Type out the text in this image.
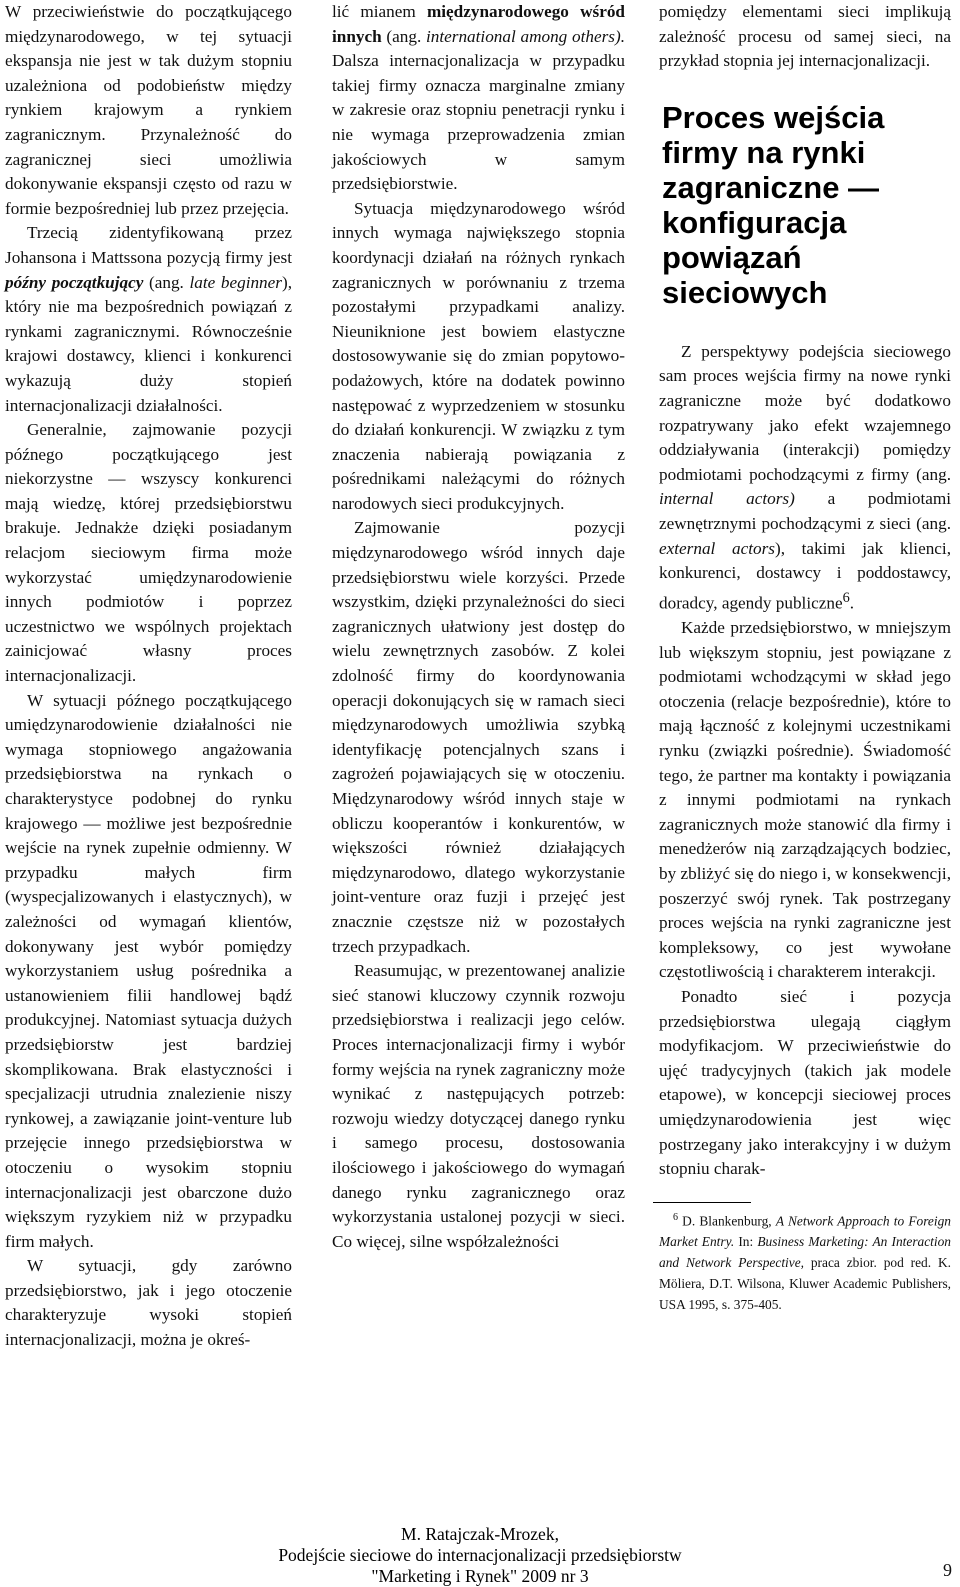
W przeciwieństwie do początkującego międzynarodowego, w tej sytuacji ekspansja nie jest w tak dużym stopniu uzależniona od podobieństw między rynkiem krajowym a rynkiem zagranicznym. Przynależność do zagranicznej sieci umożliwia dokonywanie ekspansji często od razu w formie bezpośredniej lub przez przejęcia.

Trzecią zidentyfikowaną przez Johansona i Mattssona pozycją firmy jest późny początkujący (ang. late beginner), który nie ma bezpośrednich powiązań z rynkami zagranicznymi. Równocześnie krajowi dostawcy, klienci i konkurenci wykazują duży stopień internacjonalizacji działalności.

Generalnie, zajmowanie pozycji późnego początkującego jest niekorzystne — wszyscy konkurenci mają wiedzę, której przedsiębiorstwu brakuje. Jednakże dzięki posiadanym relacjom sieciowym firma może wykorzystać umiędzynarodowienie innych podmiotów i poprzez uczestnictwo we wspólnych projektach zainicjować własny proces internacjonalizacji.

W sytuacji późnego początkującego umiędzynarodowienie działalności nie wymaga stopniowego angażowania przedsiębiorstwa na rynkach o charakterystyce podobnej do rynku krajowego — możliwe jest bezpośrednie wejście na rynek zupełnie odmienny. W przypadku małych firm (wyspecjalizowanych i elastycznych), w zależności od wymagań klientów, dokonywany jest wybór pomiędzy wykorzystaniem usług pośrednika a ustanowieniem filii handlowej bądź produkcyjnej. Natomiast sytuacja dużych przedsiębiorstw jest bardziej skomplikowana. Brak elastyczności i specjalizacji utrudnia znalezienie niszy rynkowej, a zawiązanie joint-venture lub przejęcie innego przedsiębiorstwa w otoczeniu o wysokim stopniu internacjonalizacji jest obarczone dużo większym ryzykiem niż w przypadku firm małych.

W sytuacji, gdy zarówno przedsiębiorstwo, jak i jego otoczenie charakteryzuje wysoki stopień internacjonalizacji, można je okreś-

lić mianem międzynarodowego wśród innych (ang. international among others). Dalsza internacjonalizacja w przypadku takiej firmy oznacza marginalne zmiany w zakresie oraz stopniu penetracji rynku i nie wymaga przeprowadzenia zmian jakościowych w samym przedsiębiorstwie.

Sytuacja międzynarodowego wśród innych wymaga największego stopnia koordynacji działań na różnych rynkach zagranicznych w porównaniu z trzema pozostałymi przypadkami analizy. Nieuniknione jest bowiem elastyczne dostosowywanie się do zmian popytowo-podażowych, które na dodatek powinno następować z wyprzedzeniem w stosunku do działań konkurencji. W związku z tym znaczenia nabierają powiązania z pośrednikami należącymi do różnych narodowych sieci produkcyjnych.

Zajmowanie pozycji międzynarodowego wśród innych daje przedsiębiorstwu wiele korzyści. Przede wszystkim, dzięki przynależności do sieci zagranicznych ułatwiony jest dostęp do wielu zewnętrznych zasobów. Z kolei zdolność firmy do koordynowania operacji dokonujących się w ramach sieci międzynarodowych umożliwia szybką identyfikację potencjalnych szans i zagrożeń pojawiających się w otoczeniu. Międzynarodowy wśród innych staje w obliczu kooperantów i konkurentów, w większości również działających międzynarodowo, dlatego wykorzystanie joint-venture oraz fuzji i przejęć jest znacznie częstsze niż w pozostałych trzech przypadkach.

Reasumując, w prezentowanej analizie sieć stanowi kluczowy czynnik rozwoju przedsiębiorstwa i realizacji jego celów. Proces internacjonalizacji firmy i wybór formy wejścia na rynek zagraniczny może wynikać z następujących potrzeb: rozwoju wiedzy dotyczącej danego rynku i samego procesu, dostosowania ilościowego i jakościowego do wymagań danego rynku zagranicznego oraz wykorzystania ustalonej pozycji w sieci. Co więcej, silne współzależności

pomiędzy elementami sieci implikują zależność procesu od samej sieci, na przykład stopnia jej internacjonalizacji.

Proces wejścia firmy na rynki zagraniczne — konfiguracja powiązań sieciowych

Z perspektywy podejścia sieciowego sam proces wejścia firmy na nowe rynki zagraniczne może być dodatkowo rozpatrywany jako efekt wzajemnego oddziaływania (interakcji) pomiędzy podmiotami pochodzącymi z firmy (ang. internal actors) a podmiotami zewnętrznymi pochodzącymi z sieci (ang. external actors), takimi jak klienci, konkurenci, dostawcy i poddostawcy, doradcy, agendy publiczne$^6$.

Każde przedsiębiorstwo, w mniejszym lub większym stopniu, jest powiązane z podmiotami wchodzącymi w skład jego otoczenia (relacje bezpośrednie), które to mają łączność z kolejnymi uczestnikami rynku (związki pośrednie). Świadomość tego, że partner ma kontakty i powiązania z innymi podmiotami na rynkach zagranicznych może stanowić dla firmy i menedżerów nią zarządzających bodziec, by zbliżyć się do niego i, w konsekwencji, poszerzyć swój rynek. Tak postrzegany proces wejścia na rynki zagraniczne jest kompleksowy, co jest wywołane częstotliwością i charakterem interakcji.

Ponadto sieć i pozycja przedsiębiorstwa ulegają ciągłym modyfikacjom. W przeciwieństwie do ujęć tradycyjnych (takich jak modele etapowe), w koncepcji sieciowej proces umiędzynarodowienia jest więc postrzegany jako interakcyjny i w dużym stopniu charak-

$^6$ D. Blankenburg, A Network Approach to Foreign Market Entry. In: Business Marketing: An Interaction and Network Perspective, praca zbior. pod red. K. Möliera, D.T. Wilsona, Kluwer Academic Publishers, USA 1995, s. 375-405.

M. Ratajczak-Mrozek,
Podejście sieciowe do internacjonalizacji przedsiębiorstw
"Marketing i Rynek" 2009 nr 3	9
